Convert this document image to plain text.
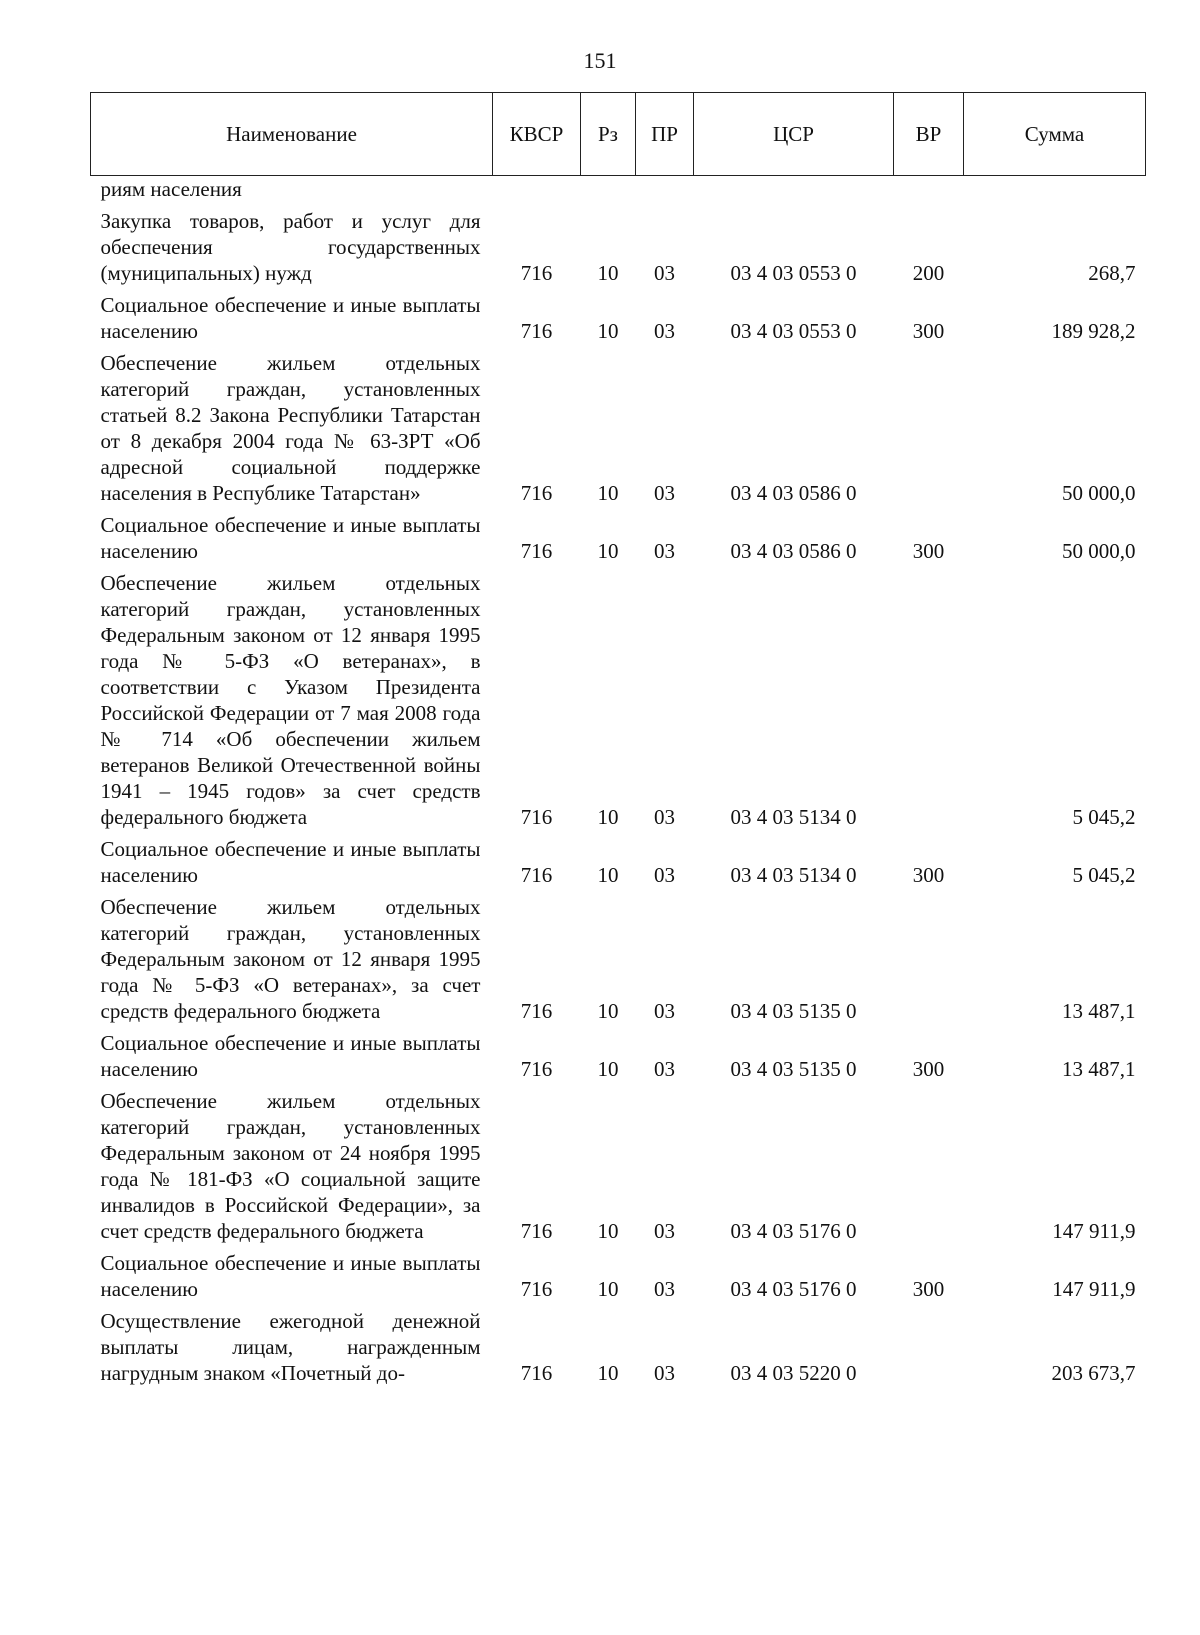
151
Наименование	КВСР	Рз	ПР	ЦСР	ВР	Сумма
риям населения						
Закупка товаров, работ и услуг для обеспечения государственных (муниципальных) нужд	716	10	03	03 4 03 0553 0	200	268,7
Социальное обеспечение и иные выплаты населению	716	10	03	03 4 03 0553 0	300	189 928,2
Обеспечение жильем отдельных категорий граждан, установленных статьей 8.2 Закона Республики Татарстан от 8 декабря 2004 года № 63-ЗРТ «Об адресной социальной поддержке населения в Республике Татарстан»	716	10	03	03 4 03 0586 0		50 000,0
Социальное обеспечение и иные выплаты населению	716	10	03	03 4 03 0586 0	300	50 000,0
Обеспечение жильем отдельных категорий граждан, установленных Федеральным законом от 12 января 1995 года № 5-ФЗ «О ветеранах», в соответствии с Указом Президента Российской Федерации от 7 мая 2008 года № 714 «Об обеспечении жильем ветеранов Великой Отечественной войны 1941 – 1945 годов» за счет средств федерального бюджета	716	10	03	03 4 03 5134 0		5 045,2
Социальное обеспечение и иные выплаты населению	716	10	03	03 4 03 5134 0	300	5 045,2
Обеспечение жильем отдельных категорий граждан, установленных Федеральным законом от 12 января 1995 года № 5-ФЗ «О ветеранах», за счет средств федерального бюджета	716	10	03	03 4 03 5135 0		13 487,1
Социальное обеспечение и иные выплаты населению	716	10	03	03 4 03 5135 0	300	13 487,1
Обеспечение жильем отдельных категорий граждан, установленных Федеральным законом от 24 ноября 1995 года № 181-ФЗ «О социальной защите инвалидов в Российской Федерации», за счет средств федерального бюджета	716	10	03	03 4 03 5176 0		147 911,9
Социальное обеспечение и иные выплаты населению	716	10	03	03 4 03 5176 0	300	147 911,9
Осуществление ежегодной денежной выплаты лицам, награжденным нагрудным знаком «Почетный до-	716	10	03	03 4 03 5220 0		203 673,7
